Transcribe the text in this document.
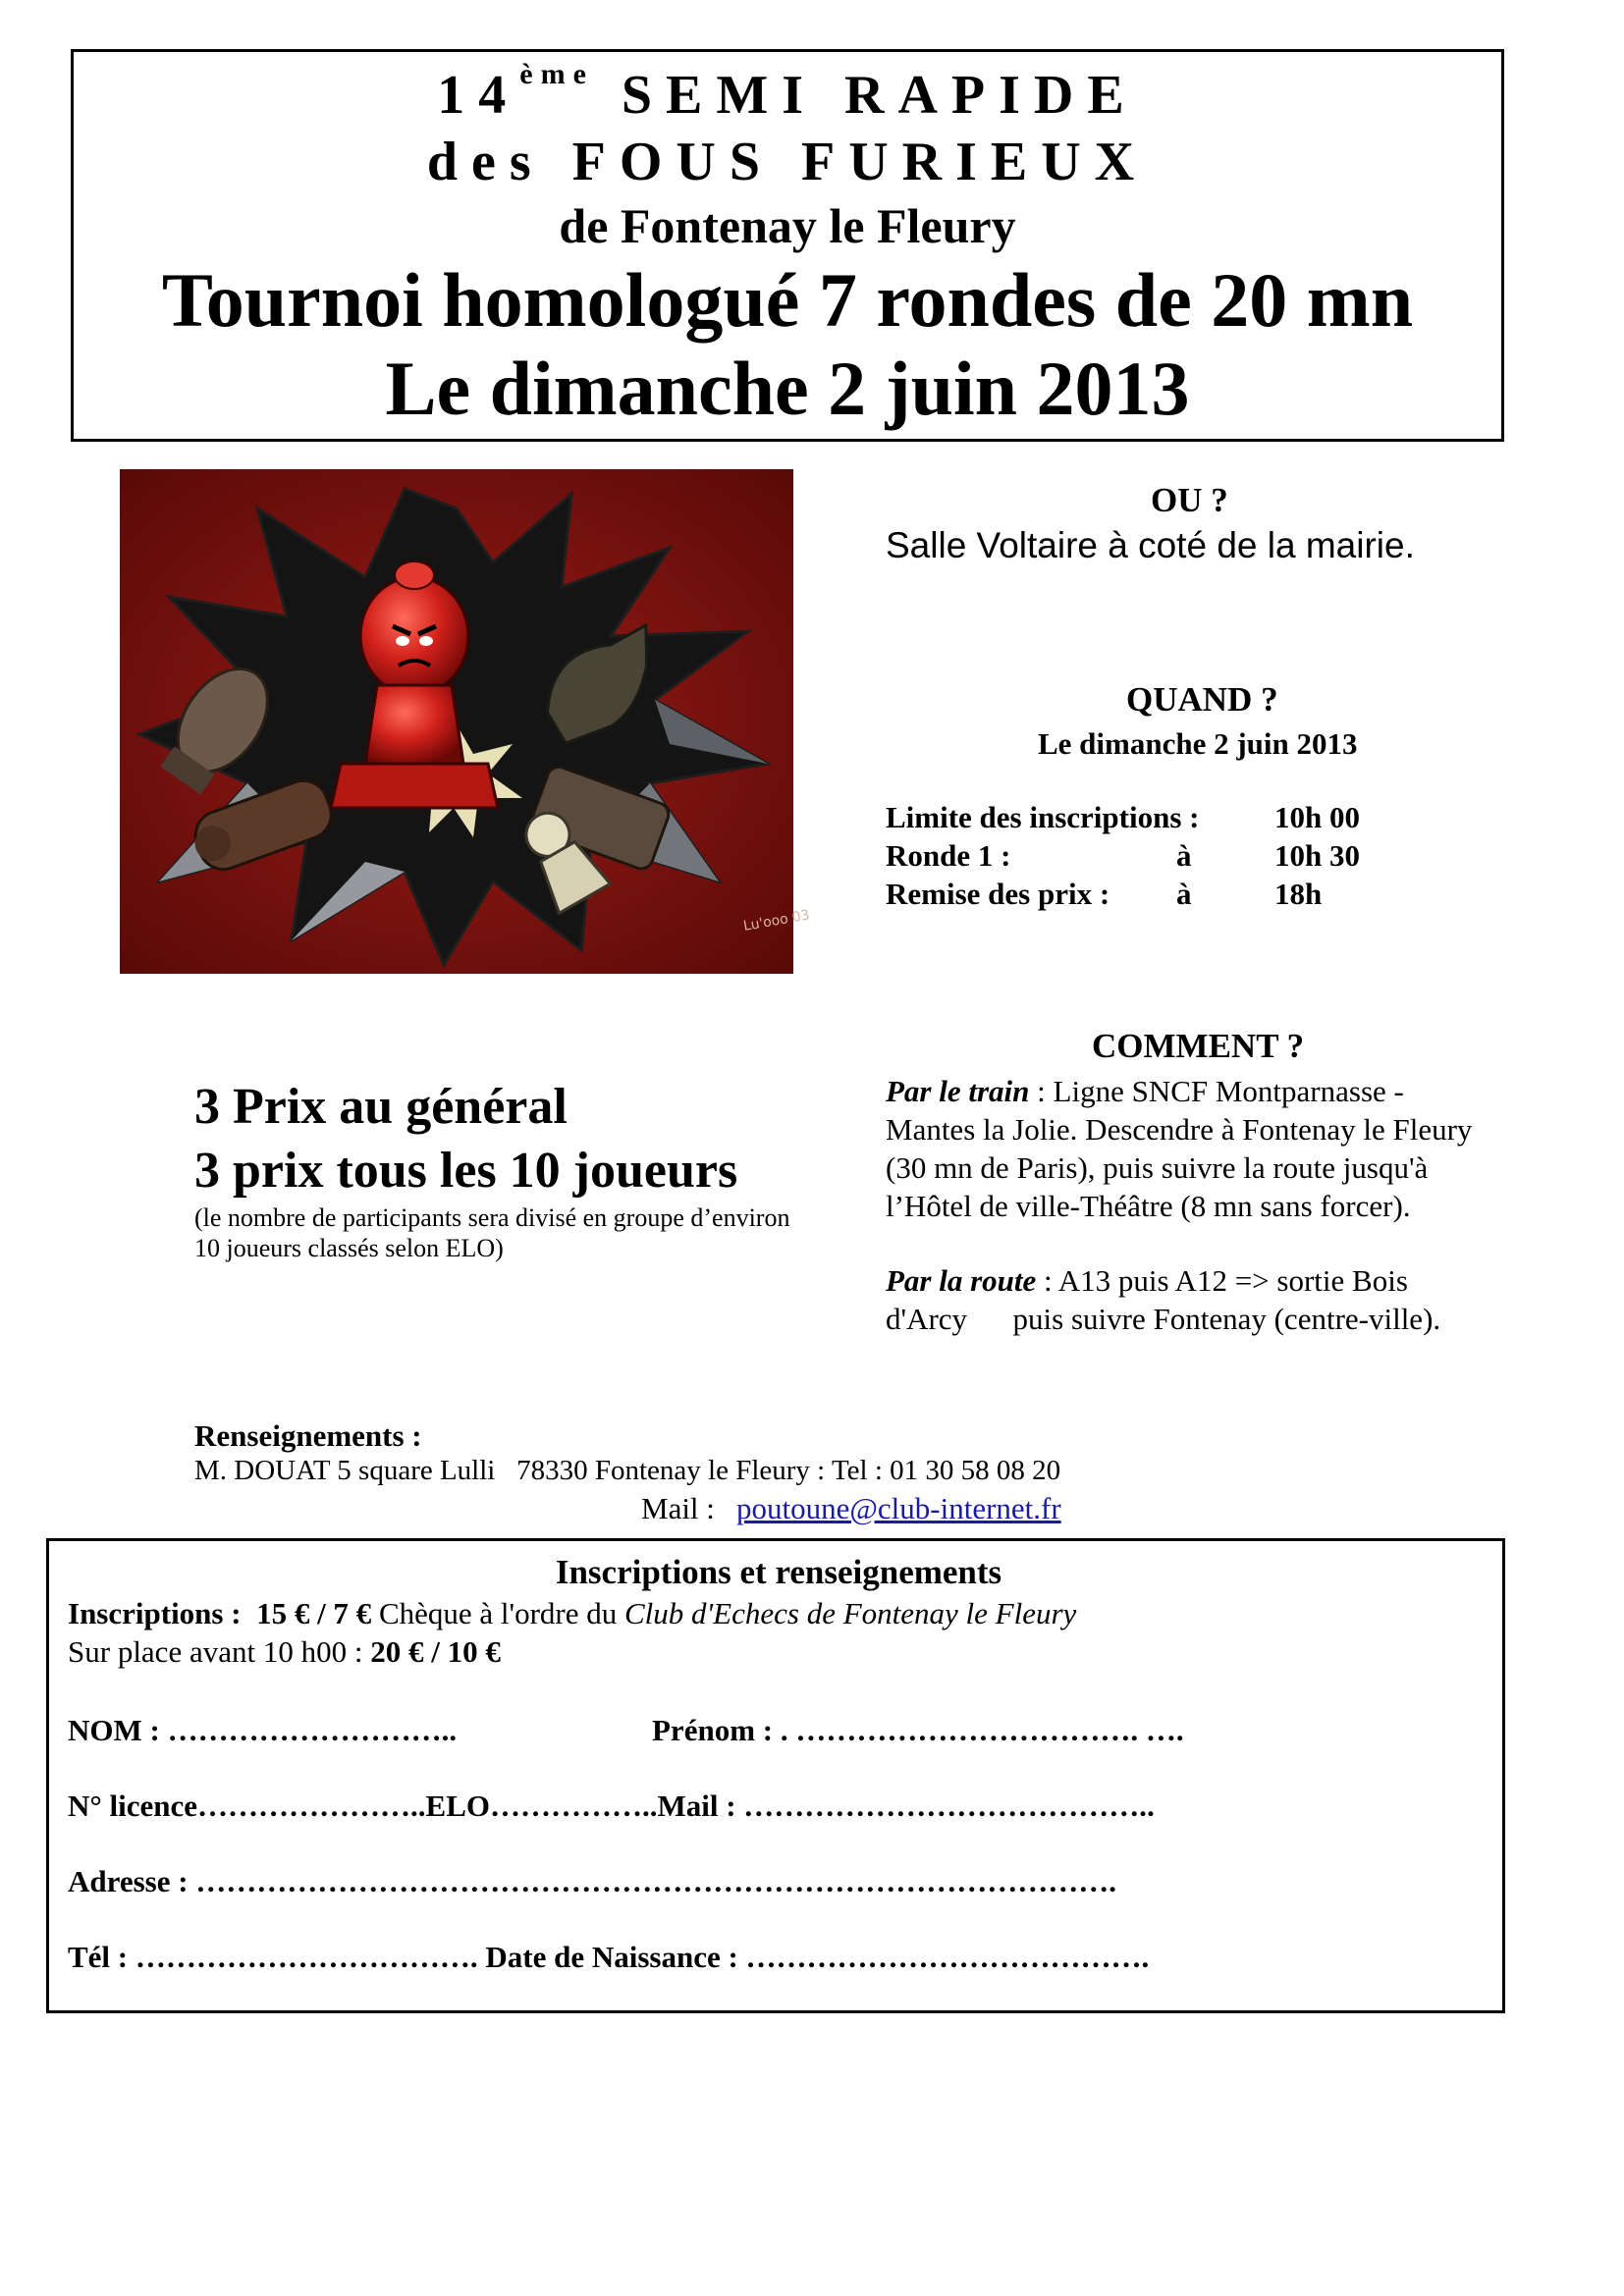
14ème SEMI RAPIDE
des FOUS FURIEUX
de Fontenay le Fleury
Tournoi homologué 7 rondes de 20 mn
Le dimanche 2 juin 2013
Lu'ooo 03
OU ?
Salle Voltaire à coté de la mairie.
QUAND ?
Le dimanche 2 juin 2013
Limite des inscriptions : 10h 00
Ronde 1 :	à	10h 30
Remise des prix : à	18h
COMMENT ?
Par le train : Ligne SNCF Montparnasse -
Mantes la Jolie. Descendre à Fontenay le Fleury
(30 mn de Paris), puis suivre la route jusqu'à
l’Hôtel de ville-Théâtre (8 mn sans forcer).
Par la route : A13 puis A12 => sortie Bois
d'Arcy      puis suivre Fontenay (centre-ville).
3 Prix au général
3 prix tous les 10 joueurs
(le nombre de participants sera divisé en groupe d’environ
10 joueurs classés selon ELO)
Renseignements :
M. DOUAT 5 square Lulli   78330 Fontenay le Fleury : Tel : 01 30 58 08 20
Mail : poutoune@club-internet.fr
Inscriptions et renseignements
Inscriptions : 15 € / 7 € Chèque à l'ordre du Club d'Echecs de Fontenay le Fleury
Sur place avant 10 h00 : 20 € / 10 €
NOM : ………………………..	Prénom : . ……………………………. ….
N° licence…………………..ELO……………..Mail : …………………………………..
Adresse : ……………………………………………………………………………….
Tél : ……………………………. Date de Naissance : ………………………………….
